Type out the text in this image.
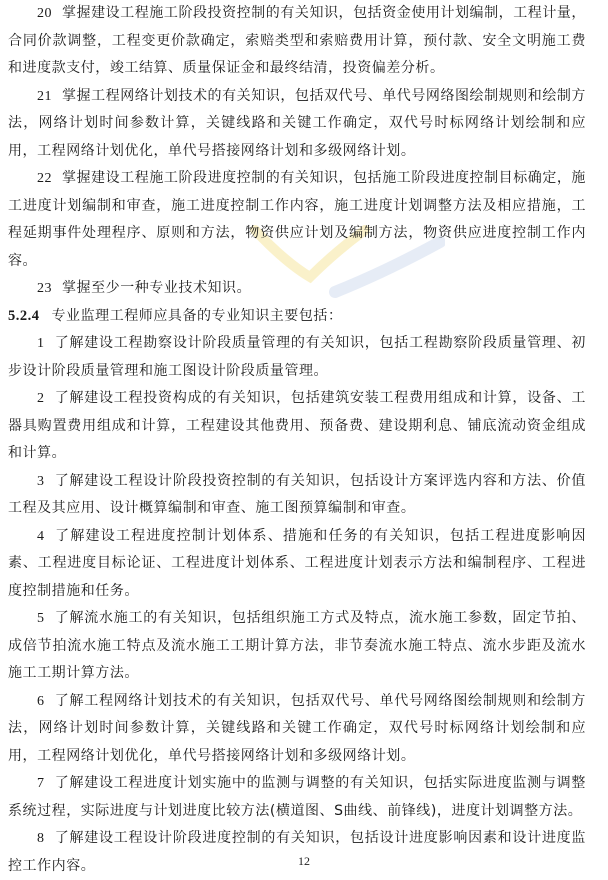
20 掌握建设工程施工阶段投资控制的有关知识，包括资金使用计划编制，工程计量，合同价款调整，工程变更价款确定，索赔类型和索赔费用计算，预付款、安全文明施工费和进度款支付，竣工结算、质量保证金和最终结清，投资偏差分析。

21 掌握工程网络计划技术的有关知识，包括双代号、单代号网络图绘制规则和绘制方法，网络计划时间参数计算，关键线路和关键工作确定，双代号时标网络计划绘制和应用，工程网络计划优化，单代号搭接网络计划和多级网络计划。

22 掌握建设工程施工阶段进度控制的有关知识，包括施工阶段进度控制目标确定，施工进度计划编制和审查，施工进度控制工作内容，施工进度计划调整方法及相应措施，工程延期事件处理程序、原则和方法，物资供应计划及编制方法，物资供应进度控制工作内容。

23 掌握至少一种专业技术知识。

5.2.4 专业监理工程师应具备的专业知识主要包括：

1 了解建设工程勘察设计阶段质量管理的有关知识，包括工程勘察阶段质量管理、初步设计阶段质量管理和施工图设计阶段质量管理。

2 了解建设工程投资构成的有关知识，包括建筑安装工程费用组成和计算，设备、工器具购置费用组成和计算，工程建设其他费用、预备费、建设期利息、铺底流动资金组成和计算。

3 了解建设工程设计阶段投资控制的有关知识，包括设计方案评选内容和方法、价值工程及其应用、设计概算编制和审查、施工图预算编制和审查。

4 了解建设工程进度控制计划体系、措施和任务的有关知识，包括工程进度影响因素、工程进度目标论证、工程进度计划体系、工程进度计划表示方法和编制程序、工程进度控制措施和任务。

5 了解流水施工的有关知识，包括组织施工方式及特点，流水施工参数，固定节拍、成倍节拍流水施工特点及流水施工工期计算方法，非节奏流水施工特点、流水步距及流水施工工期计算方法。

6 了解工程网络计划技术的有关知识，包括双代号、单代号网络图绘制规则和绘制方法，网络计划时间参数计算，关键线路和关键工作确定，双代号时标网络计划绘制和应用，工程网络计划优化，单代号搭接网络计划和多级网络计划。

7 了解建设工程进度计划实施中的监测与调整的有关知识，包括实际进度监测与调整系统过程，实际进度与计划进度比较方法(横道图、S曲线、前锋线)，进度计划调整方法。

8 了解建设工程设计阶段进度控制的有关知识，包括设计进度影响因素和设计进度监控工作内容。	12
